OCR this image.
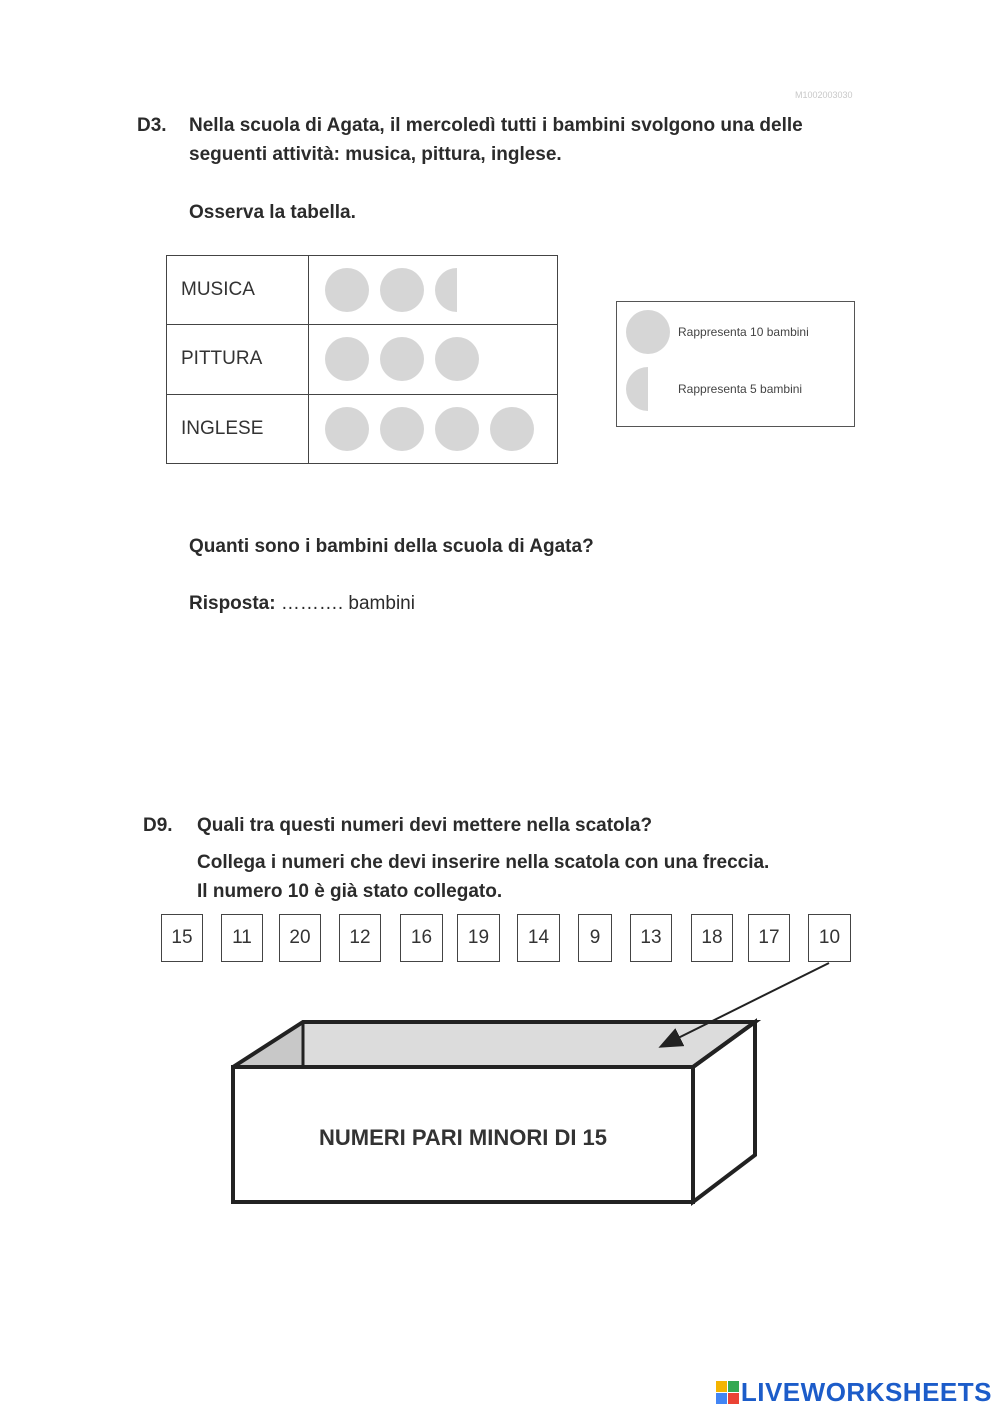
M1002003030
D3. Nella scuola di Agata, il mercoledì tutti i bambini svolgono una delle
seguenti attività: musica, pittura, inglese.
Osserva la tabella.
MUSICA	

PITTURA	

INGLESE	
Rappresenta 10 bambini
Rappresenta 5 bambini
Quanti sono i bambini della scuola di Agata?
Risposta: ………. bambini
D9. Quali tra questi numeri devi mettere nella scatola?
Collega i numeri che devi inserire nella scatola con una freccia.
Il numero 10 è già stato collegato.
15	11	20	12	16	19	14	9	13	18	17	10
NUMERI PARI MINORI DI 15
LIVEWORKSHEETS
